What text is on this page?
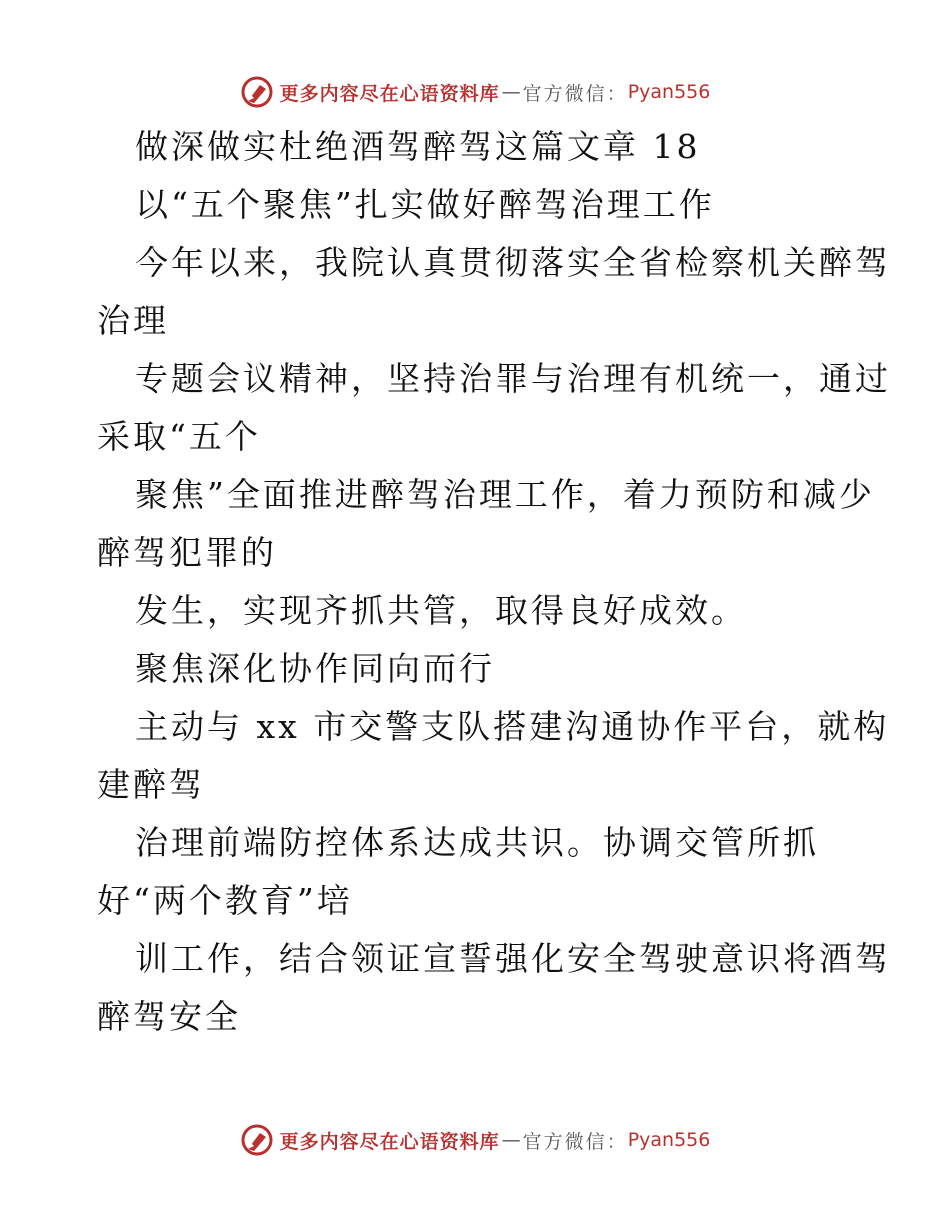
更多内容尽在心语资料库 — 官方微信： Pyan556
做深做实杜绝酒驾醉驾这篇文章 18
以“五个聚焦”扎实做好醉驾治理工作
今年以来，我院认真贯彻落实全省检察机关醉驾
治理
专题会议精神，坚持治罪与治理有机统一，通过
采取“五个
聚焦”全面推进醉驾治理工作，着力预防和减少
醉驾犯罪的
发生，实现齐抓共管，取得良好成效。
聚焦深化协作同向而行
主动与 xx 市交警支队搭建沟通协作平台，就构
建醉驾
治理前端防控体系达成共识。协调交管所抓
好“两个教育”培
训工作，结合领证宣誓强化安全驾驶意识将酒驾
醉驾安全
更多内容尽在心语资料库 — 官方微信： Pyan556
